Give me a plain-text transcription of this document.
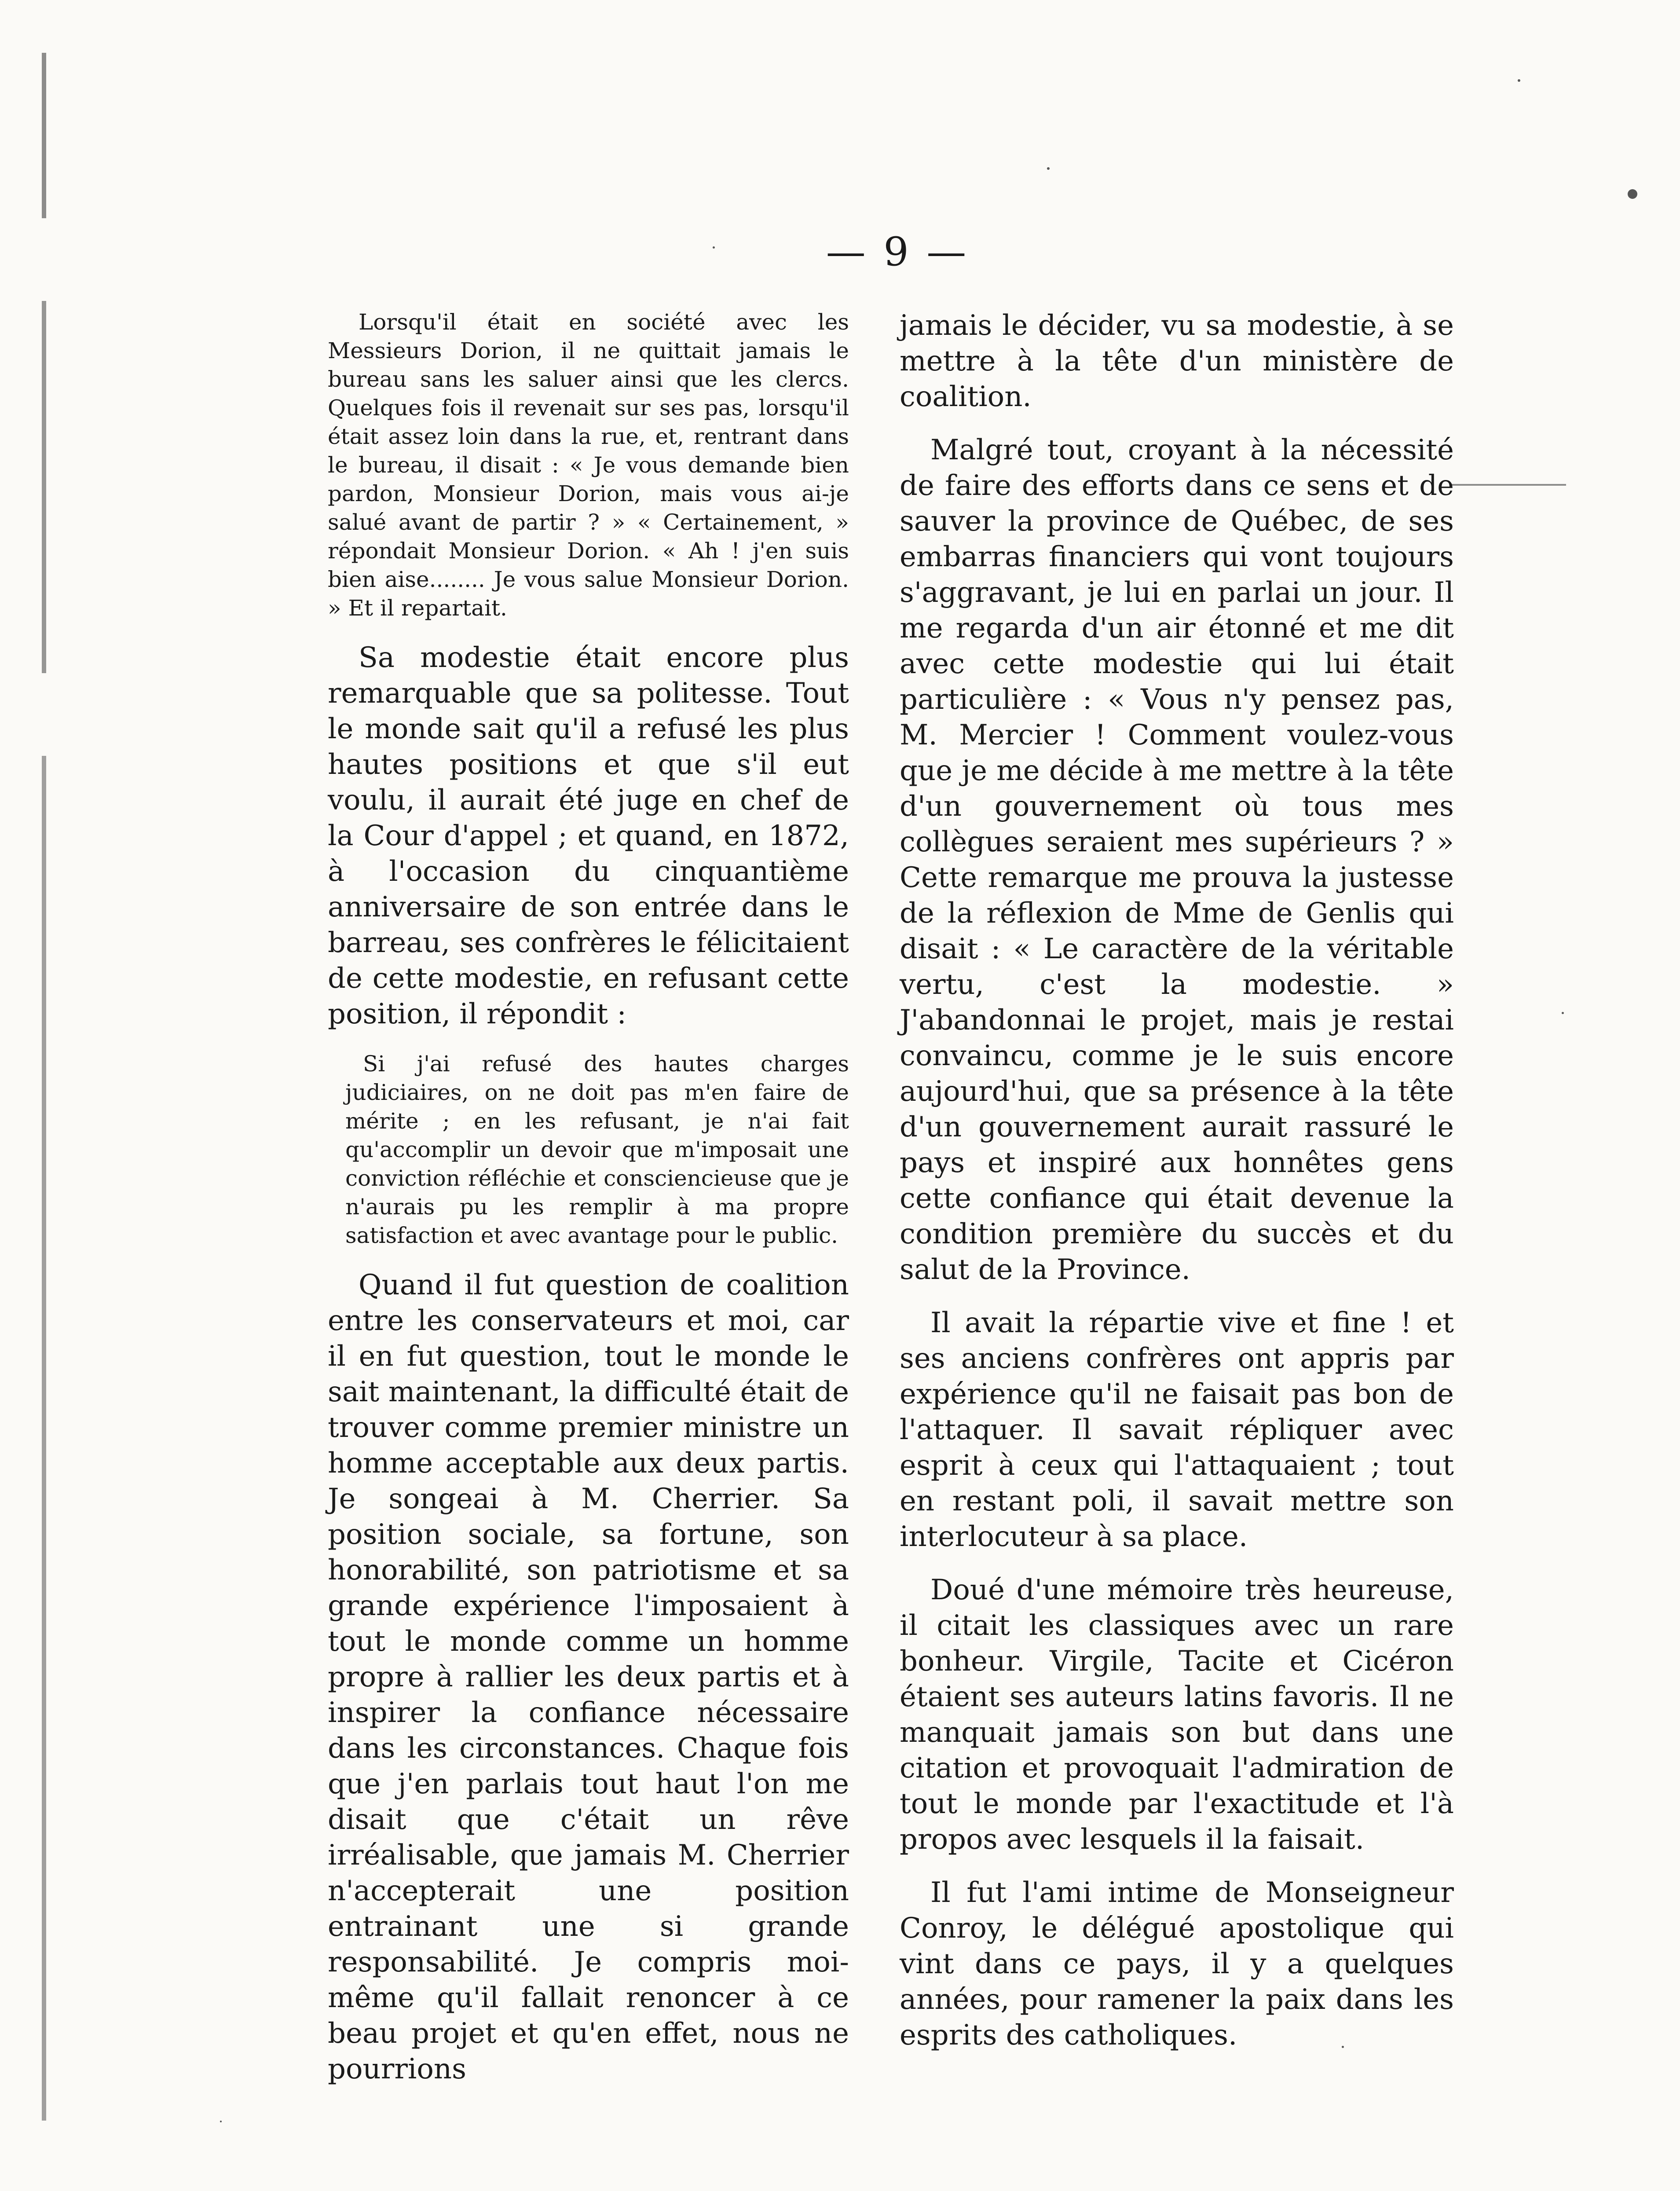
— 9 —

Lorsqu'il était en société avec les Messieurs Dorion, il ne quittait jamais le bureau sans les saluer ainsi que les clercs. Quelques fois il revenait sur ses pas, lorsqu'il était assez loin dans la rue, et, rentrant dans le bureau, il disait : « Je vous demande bien pardon, Monsieur Dorion, mais vous ai-je salué avant de partir ? » « Certainement, » répondait Monsieur Dorion. « Ah ! j'en suis bien aise........ Je vous salue Monsieur Dorion. » Et il repartait.

Sa modestie était encore plus remarquable que sa politesse. Tout le monde sait qu'il a refusé les plus hautes positions et que s'il eut voulu, il aurait été juge en chef de la Cour d'appel ; et quand, en 1872, à l'occasion du cinquantième anniversaire de son entrée dans le barreau, ses confrères le félicitaient de cette modestie, en refusant cette position, il répondit :

Si j'ai refusé des hautes charges judiciaires, on ne doit pas m'en faire de mérite ; en les refusant, je n'ai fait qu'accomplir un devoir que m'imposait une conviction réfléchie et consciencieuse que je n'aurais pu les remplir à ma propre satisfaction et avec avantage pour le public.

Quand il fut question de coalition entre les conservateurs et moi, car il en fut question, tout le monde le sait maintenant, la difficulté était de trouver comme premier ministre un homme acceptable aux deux partis. Je songeai à M. Cherrier. Sa position sociale, sa fortune, son honorabilité, son patriotisme et sa grande expérience l'imposaient à tout le monde comme un homme propre à rallier les deux partis et à inspirer la confiance nécessaire dans les circonstances. Chaque fois que j'en parlais tout haut l'on me disait que c'était un rêve irréalisable, que jamais M. Cherrier n'accepterait une position entrainant une si grande responsabilité. Je compris moi-même qu'il fallait renoncer à ce beau projet et qu'en effet, nous ne pourrions

jamais le décider, vu sa modestie, à se mettre à la tête d'un ministère de coalition.

Malgré tout, croyant à la nécessité de faire des efforts dans ce sens et de sauver la province de Québec, de ses embarras financiers qui vont toujours s'aggravant, je lui en parlai un jour. Il me regarda d'un air étonné et me dit avec cette modestie qui lui était particulière : « Vous n'y pensez pas, M. Mercier ! Comment voulez-vous que je me décide à me mettre à la tête d'un gouvernement où tous mes collègues seraient mes supérieurs ? » Cette remarque me prouva la justesse de la réflexion de Mme de Genlis qui disait : « Le caractère de la véritable vertu, c'est la modestie. » J'abandonnai le projet, mais je restai convaincu, comme je le suis encore aujourd'hui, que sa présence à la tête d'un gouvernement aurait rassuré le pays et inspiré aux honnêtes gens cette confiance qui était devenue la condition première du succès et du salut de la Province.

Il avait la répartie vive et fine ! et ses anciens confrères ont appris par expérience qu'il ne faisait pas bon de l'attaquer. Il savait répliquer avec esprit à ceux qui l'attaquaient ; tout en restant poli, il savait mettre son interlocuteur à sa place.

Doué d'une mémoire très heureuse, il citait les classiques avec un rare bonheur. Virgile, Tacite et Cicéron étaient ses auteurs latins favoris. Il ne manquait jamais son but dans une citation et provoquait l'admiration de tout le monde par l'exactitude et l'à propos avec lesquels il la faisait.

Il fut l'ami intime de Monseigneur Conroy, le délégué apostolique qui vint dans ce pays, il y a quelques années, pour ramener la paix dans les esprits des catholiques.
